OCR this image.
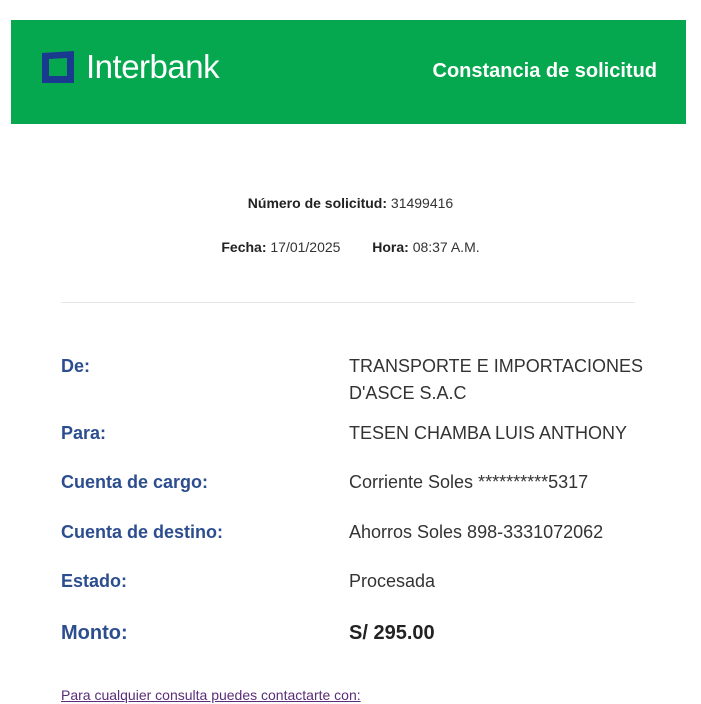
Interbank	Constancia de solicitud
Número de solicitud: 31499416
Fecha: 17/01/2025 Hora: 08:37 A.M.
De:	TRANSPORTE E IMPORTACIONES D'ASCE S.A.C
Para:	TESEN CHAMBA LUIS ANTHONY
Cuenta de cargo:	Corriente Soles **********5317
Cuenta de destino:	Ahorros Soles 898-3331072062
Estado:	Procesada
Monto:	S/ 295.00
Para cualquier consulta puedes contactarte con:
